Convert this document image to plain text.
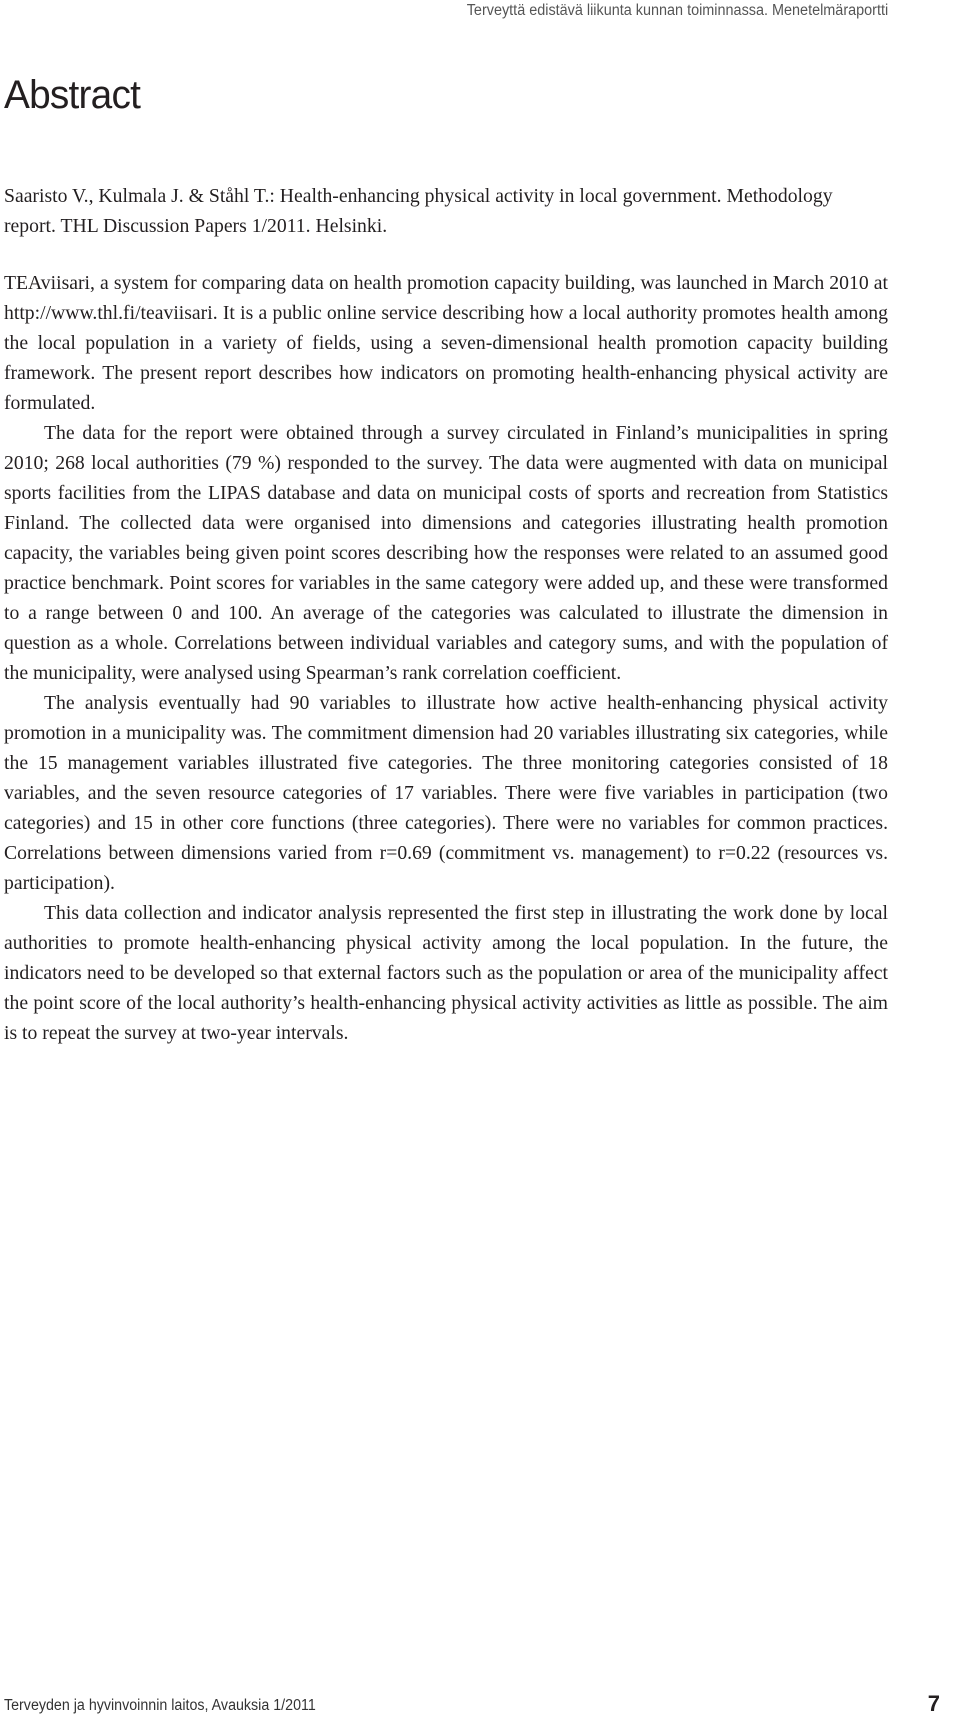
Terveyttä edistävä liikunta kunnan toiminnassa. Menetelmäraportti
Abstract

Saaristo V., Kulmala J. & Ståhl T.: Health-enhancing physical activity in local government. Methodology report. THL Discussion Papers 1/2011. Helsinki.

TEAviisari, a system for comparing data on health promotion capacity building, was launched in March 2010 at http://www.thl.fi/teaviisari. It is a public online service describing how a local authority promotes health among the local population in a variety of fields, using a seven-dimensional health promotion capacity building framework. The present report describes how indicators on promoting health-enhancing physical activity are formulated.

The data for the report were obtained through a survey circulated in Finland’s municipalities in spring 2010; 268 local authorities (79 %) responded to the survey. The data were augmented with data on municipal sports facilities from the LIPAS database and data on municipal costs of sports and recreation from Statistics Finland. The collected data were organised into dimensions and categories illustrating health promotion capacity, the variables being given point scores describing how the responses were related to an assumed good practice benchmark. Point scores for variables in the same category were added up, and these were transformed to a range between 0 and 100. An average of the categories was calculated to illustrate the dimension in question as a whole. Correlations between individual variables and category sums, and with the population of the municipality, were analysed using Spearman’s rank correlation coefficient.

The analysis eventually had 90 variables to illustrate how active health-enhancing physical activity promotion in a municipality was. The commitment dimension had 20 variables illustrating six categories, while the 15 management variables illustrated five categories. The three monitoring categories consisted of 18 variables, and the seven resource categories of 17 variables. There were five variables in participation (two categories) and 15 in other core functions (three categories). There were no variables for common practices. Correlations between dimensions varied from r=0.69 (commitment vs. management) to r=0.22 (resources vs. participation).

This data collection and indicator analysis represented the first step in illustrating the work done by local authorities to promote health-enhancing physical activity among the local population. In the future, the indicators need to be developed so that external factors such as the population or area of the municipality affect the point score of the local authority’s health-enhancing physical activity activities as little as possible. The aim is to repeat the survey at two-year intervals.

Terveyden ja hyvinvoinnin laitos, Avauksia 1/2011	7
